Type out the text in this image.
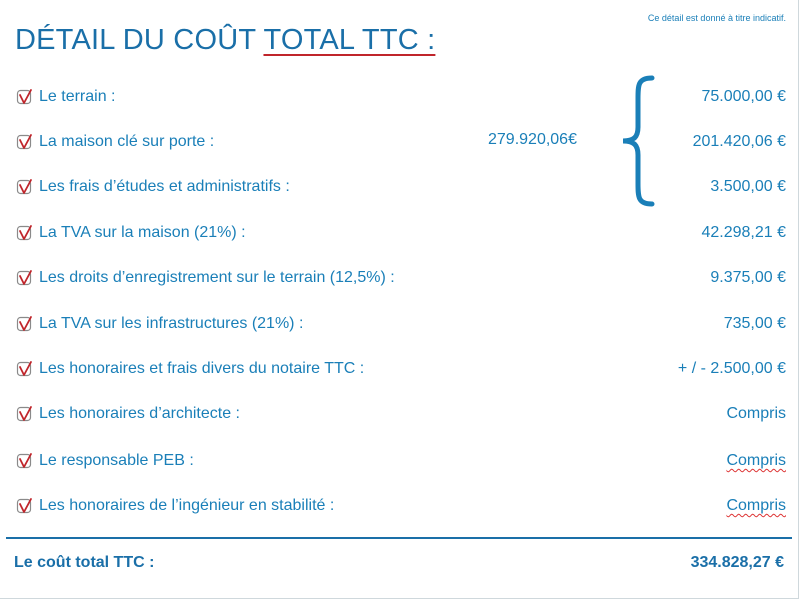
Ce détail est donné à titre indicatif.
DÉTAIL DU COÛT TOTAL TTC :
Le terrain :	75.000,00 €
La maison clé sur porte :	201.420,06 €
Les frais d’études et administratifs :	3.500,00 €
La TVA sur la maison (21%) :	42.298,21 €
Les droits d’enregistrement sur le terrain (12,5%) :	9.375,00 €
La TVA sur les infrastructures (21%) :	735,00 €
Les honoraires et frais divers du notaire TTC :	+ / - 2.500,00 €
Les honoraires d’architecte :	Compris
Le responsable PEB :	Compris
Les honoraires de l’ingénieur en stabilité :	Compris
279.920,06€
Le coût total TTC :	334.828,27 €
